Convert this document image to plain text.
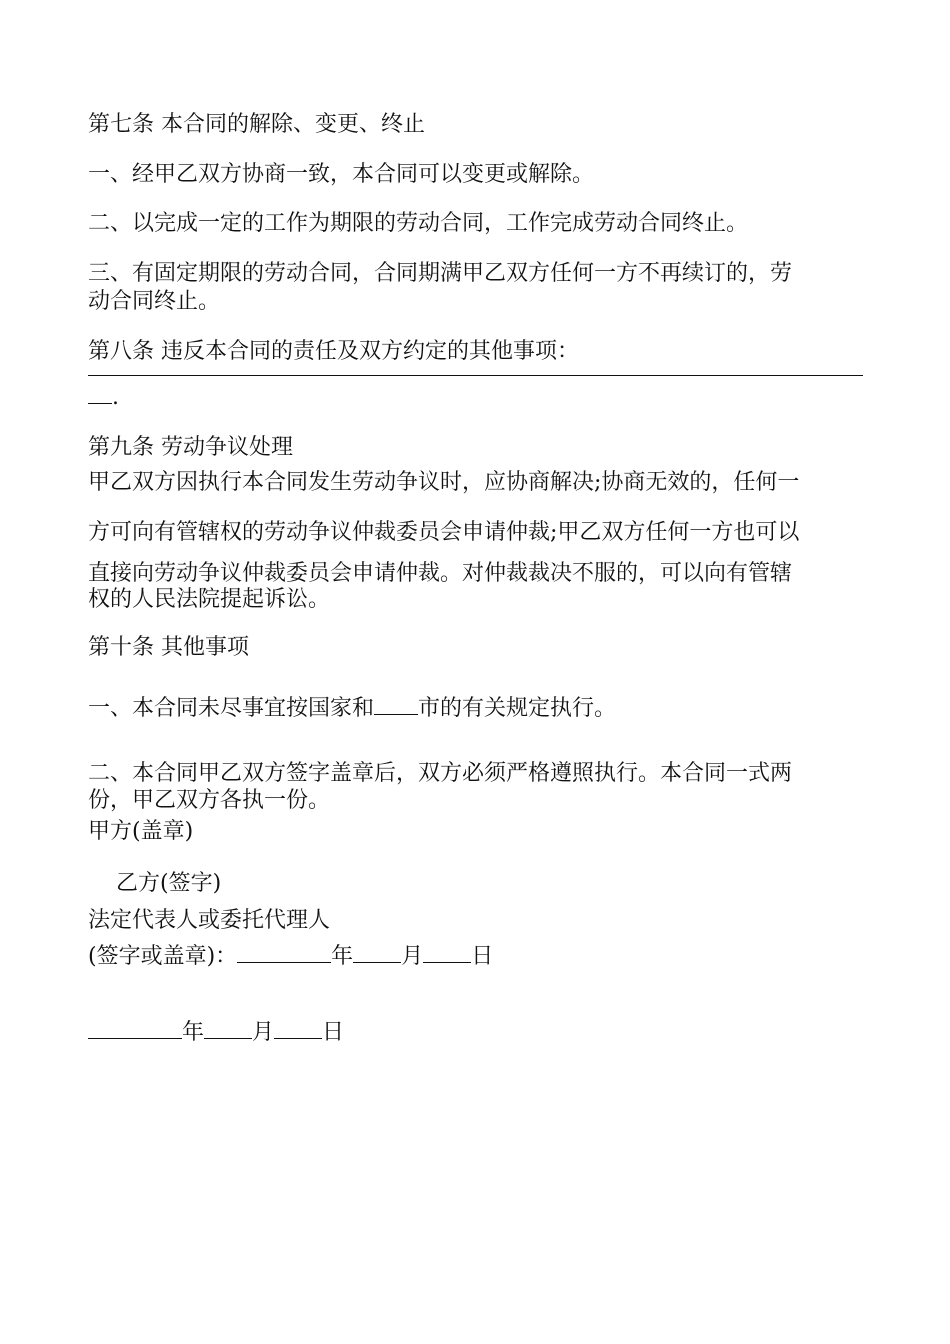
第七条 本合同的解除、变更、终止
一、经甲乙双方协商一致，本合同可以变更或解除。
二、以完成一定的工作为期限的劳动合同，工作完成劳动合同终止。
三、有固定期限的劳动合同，合同期满甲乙双方任何一方不再续订的，劳
动合同终止。
第八条 违反本合同的责任及双方约定的其他事项：
.
第九条 劳动争议处理
甲乙双方因执行本合同发生劳动争议时，应协商解决;协商无效的，任何一
方可向有管辖权的劳动争议仲裁委员会申请仲裁;甲乙双方任何一方也可以
直接向劳动争议仲裁委员会申请仲裁。对仲裁裁决不服的，可以向有管辖
权的人民法院提起诉讼。
第十条 其他事项
一、本合同未尽事宜按国家和 市的有关规定执行。
二、本合同甲乙双方签字盖章后，双方必须严格遵照执行。本合同一式两
份，甲乙双方各执一份。
甲方(盖章)
乙方(签字)
法定代表人或委托代理人
(签字或盖章)：	年 月 日
年 月 日
